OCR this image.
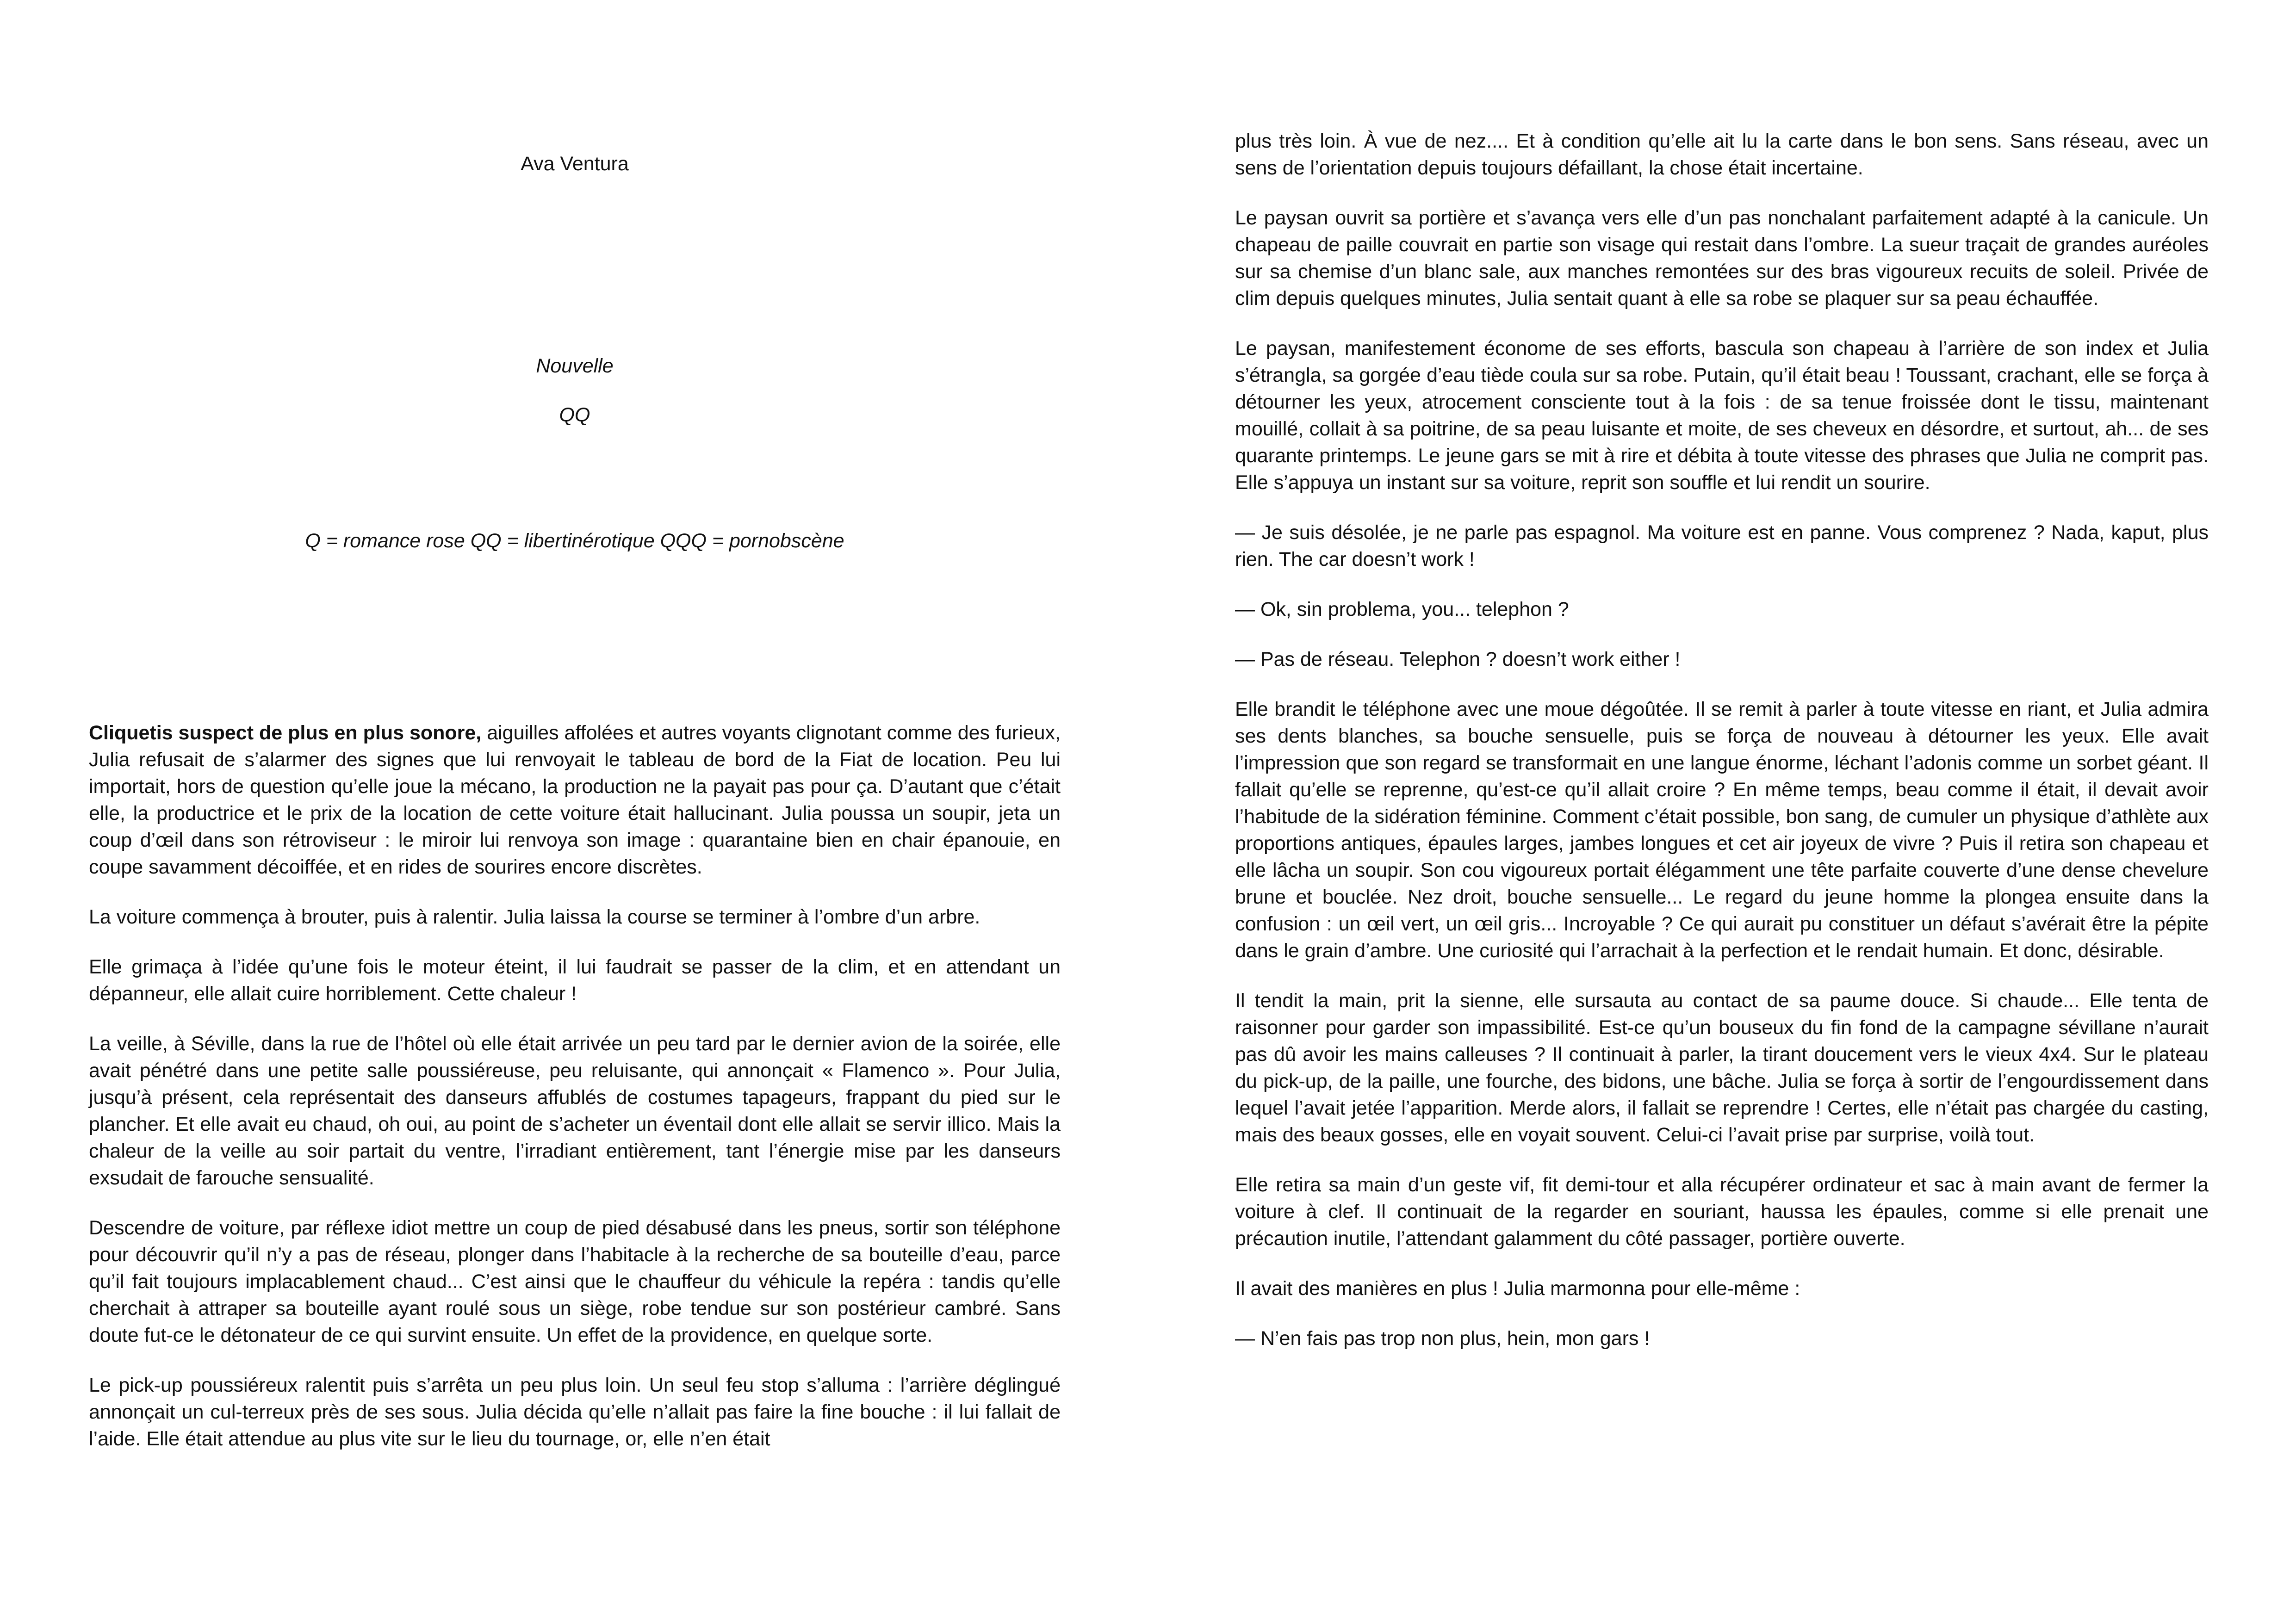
Ava Ventura
Nouvelle
QQ
Q = romance rose QQ = libertinérotique QQQ = pornobscène

Cliquetis suspect de plus en plus sonore, aiguilles affolées et autres voyants clignotant comme des furieux, Julia refusait de s’alarmer des signes que lui renvoyait le tableau de bord de la Fiat de location. Peu lui importait, hors de question qu’elle joue la mécano, la production ne la payait pas pour ça. D’autant que c’était elle, la productrice et le prix de la location de cette voiture était hallucinant. Julia poussa un soupir, jeta un coup d’œil dans son rétroviseur : le miroir lui renvoya son image : quarantaine bien en chair épanouie, en coupe savamment décoiffée, et en rides de sourires encore discrètes.

La voiture commença à brouter, puis à ralentir. Julia laissa la course se terminer à l’ombre d’un arbre.

Elle grimaça à l’idée qu’une fois le moteur éteint, il lui faudrait se passer de la clim, et en attendant un dépanneur, elle allait cuire horriblement. Cette chaleur !

La veille, à Séville, dans la rue de l’hôtel où elle était arrivée un peu tard par le dernier avion de la soirée, elle avait pénétré dans une petite salle poussiéreuse, peu reluisante, qui annonçait « Flamenco ». Pour Julia, jusqu’à présent, cela représentait des danseurs affublés de costumes tapageurs, frappant du pied sur le plancher. Et elle avait eu chaud, oh oui, au point de s’acheter un éventail dont elle allait se servir illico. Mais la chaleur de la veille au soir partait du ventre, l’irradiant entièrement, tant l’énergie mise par les danseurs exsudait de farouche sensualité.

Descendre de voiture, par réflexe idiot mettre un coup de pied désabusé dans les pneus, sortir son téléphone pour découvrir qu’il n’y a pas de réseau, plonger dans l’habitacle à la recherche de sa bouteille d’eau, parce qu’il fait toujours implacablement chaud... C’est ainsi que le chauffeur du véhicule la repéra : tandis qu’elle cherchait à attraper sa bouteille ayant roulé sous un siège, robe tendue sur son postérieur cambré. Sans doute fut-ce le détonateur de ce qui survint ensuite. Un effet de la providence, en quelque sorte.

Le pick-up poussiéreux ralentit puis s’arrêta un peu plus loin. Un seul feu stop s’alluma : l’arrière déglingué annonçait un cul-terreux près de ses sous. Julia décida qu’elle n’allait pas faire la fine bouche : il lui fallait de l’aide. Elle était attendue au plus vite sur le lieu du tournage, or, elle n’en était

plus très loin. À vue de nez.... Et à condition qu’elle ait lu la carte dans le bon sens. Sans réseau, avec un sens de l’orientation depuis toujours défaillant, la chose était incertaine.

Le paysan ouvrit sa portière et s’avança vers elle d’un pas nonchalant parfaitement adapté à la canicule. Un chapeau de paille couvrait en partie son visage qui restait dans l’ombre. La sueur traçait de grandes auréoles sur sa chemise d’un blanc sale, aux manches remontées sur des bras vigoureux recuits de soleil. Privée de clim depuis quelques minutes, Julia sentait quant à elle sa robe se plaquer sur sa peau échauffée.

Le paysan, manifestement économe de ses efforts, bascula son chapeau à l’arrière de son index et Julia s’étrangla, sa gorgée d’eau tiède coula sur sa robe. Putain, qu’il était beau ! Toussant, crachant, elle se força à détourner les yeux, atrocement consciente tout à la fois : de sa tenue froissée dont le tissu, maintenant mouillé, collait à sa poitrine, de sa peau luisante et moite, de ses cheveux en désordre, et surtout, ah... de ses quarante printemps. Le jeune gars se mit à rire et débita à toute vitesse des phrases que Julia ne comprit pas. Elle s’appuya un instant sur sa voiture, reprit son souffle et lui rendit un sourire.

— Je suis désolée, je ne parle pas espagnol. Ma voiture est en panne. Vous comprenez ? Nada, kaput, plus rien. The car doesn’t work !

— Ok, sin problema, you... telephon ?

— Pas de réseau. Telephon ? doesn’t work either !

Elle brandit le téléphone avec une moue dégoûtée. Il se remit à parler à toute vitesse en riant, et Julia admira ses dents blanches, sa bouche sensuelle, puis se força de nouveau à détourner les yeux. Elle avait l’impression que son regard se transformait en une langue énorme, léchant l’adonis comme un sorbet géant. Il fallait qu’elle se reprenne, qu’est-ce qu’il allait croire ? En même temps, beau comme il était, il devait avoir l’habitude de la sidération féminine. Comment c’était possible, bon sang, de cumuler un physique d’athlète aux proportions antiques, épaules larges, jambes longues et cet air joyeux de vivre ? Puis il retira son chapeau et elle lâcha un soupir. Son cou vigoureux portait élégamment une tête parfaite couverte d’une dense chevelure brune et bouclée. Nez droit, bouche sensuelle... Le regard du jeune homme la plongea ensuite dans la confusion : un œil vert, un œil gris... Incroyable ? Ce qui aurait pu constituer un défaut s’avérait être la pépite dans le grain d’ambre. Une curiosité qui l’arrachait à la perfection et le rendait humain. Et donc, désirable.

Il tendit la main, prit la sienne, elle sursauta au contact de sa paume douce. Si chaude... Elle tenta de raisonner pour garder son impassibilité. Est-ce qu’un bouseux du fin fond de la campagne sévillane n’aurait pas dû avoir les mains calleuses ? Il continuait à parler, la tirant doucement vers le vieux 4x4. Sur le plateau du pick-up, de la paille, une fourche, des bidons, une bâche. Julia se força à sortir de l’engourdissement dans lequel l’avait jetée l’apparition. Merde alors, il fallait se reprendre ! Certes, elle n’était pas chargée du casting, mais des beaux gosses, elle en voyait souvent. Celui-ci l’avait prise par surprise, voilà tout.

Elle retira sa main d’un geste vif, fit demi-tour et alla récupérer ordinateur et sac à main avant de fermer la voiture à clef. Il continuait de la regarder en souriant, haussa les épaules, comme si elle prenait une précaution inutile, l’attendant galamment du côté passager, portière ouverte.

Il avait des manières en plus ! Julia marmonna pour elle-même :

— N’en fais pas trop non plus, hein, mon gars !
